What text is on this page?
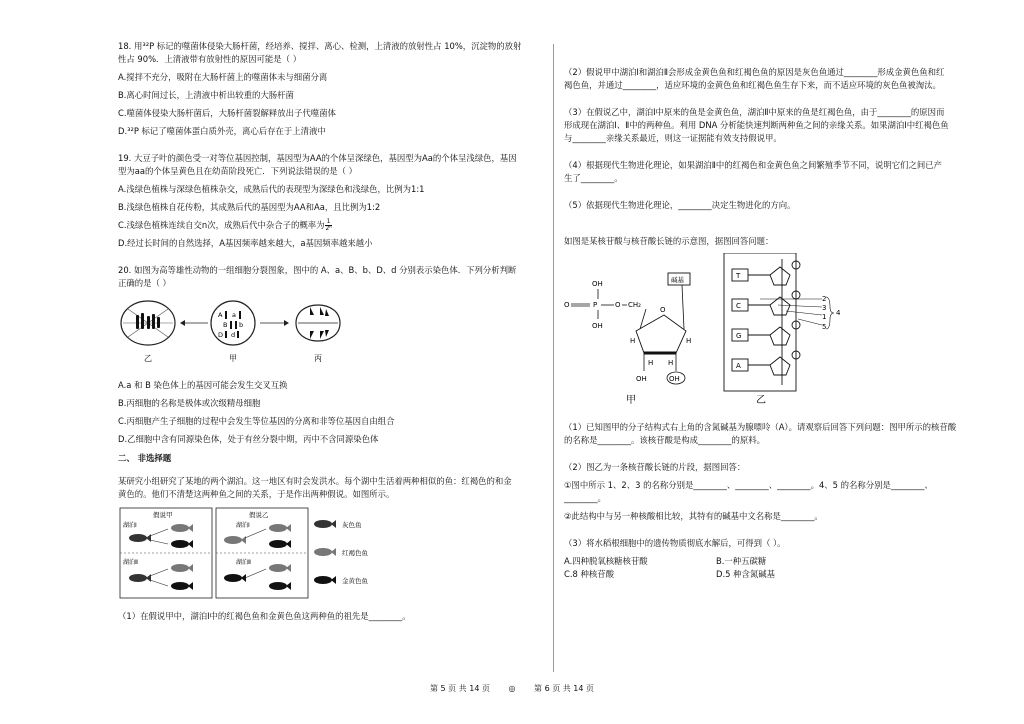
18. 用³²P 标记的噬菌体侵染大肠杆菌，经培养、搅拌、离心、检测，上清液的放射性占 10%，沉淀物的放射
性占 90%．上清液带有放射性的原因可能是（ ）
A.搅拌不充分，吸附在大肠杆菌上的噬菌体未与细菌分离
B.离心时间过长，上清液中析出较重的大肠杆菌
C.噬菌体侵染大肠杆菌后，大肠杆菌裂解释放出子代噬菌体
D.³²P 标记了噬菌体蛋白质外壳，离心后存在于上清液中
19. 大豆子叶的颜色受一对等位基因控制，基因型为AA的个体呈深绿色，基因型为Aa的个体呈浅绿色，基因
型为aa的个体呈黄色且在幼苗阶段死亡．下列说法错误的是（ ）
A.浅绿色植株与深绿色植株杂交，成熟后代的表现型为深绿色和浅绿色，比例为1:1
B.浅绿色植株自花传粉，其成熟后代的基因型为AA和Aa，且比例为1:2
C.浅绿色植株连续自交n次，成熟后代中杂合子的概率为 $\frac{1}{\text{2ⁿ}}$
D.经过长时间的自然选择，A基因频率越来越大，a基因频率越来越小
20. 如图为高等雄性动物的一组细胞分裂图象，图中的 A、a、B、b、D、d 分别表示染色体．下列分析判断
正确的是（ ）
A a
B b
D d
乙	甲	丙
A.a 和 B 染色体上的基因可能会发生交叉互换
B.丙细胞的名称是极体或次级精母细胞
C.丙细胞产生子细胞的过程中会发生等位基因的分离和非等位基因自由组合
D.乙细胞中含有同源染色体，处于有丝分裂中期，丙中不含同源染色体
二、 非选择题
某研究小组研究了某地的两个湖泊。这一地区有时会发洪水。每个湖中生活着两种相似的鱼：红褐色的和金
黄色的。他们不清楚这两种鱼之间的关系，于是作出两种假说。如图所示。
假说甲	假说乙
湖泊Ⅰ
湖泊Ⅱ
湖泊Ⅰ
湖泊Ⅱ
灰色鱼
红褐色鱼
金黄色鱼
（1）在假说甲中，湖泊Ⅰ中的红褐色鱼和金黄色鱼这两种鱼的祖先是________。
（2）假说甲中湖泊Ⅰ和湖泊Ⅱ会形成金黄色鱼和红褐色鱼的原因是灰色鱼通过________形成金黄色鱼和红
褐色鱼，并通过________，适应环境的金黄色鱼和红褐色鱼生存下来，而不适应环境的灰色鱼被淘汰。
（3）在假说乙中，湖泊Ⅰ中原来的鱼是金黄色鱼，湖泊Ⅱ中原来的鱼是红褐色鱼，由于________的原因而
形成现在湖泊Ⅰ、Ⅱ中的两种鱼。利用 DNA 分析能快速判断两种鱼之间的亲缘关系。如果湖泊Ⅰ中红褐色鱼
与________亲缘关系最近，则这一证据能有效支持假说甲。
（4）根据现代生物进化理论，如果湖泊Ⅱ中的红褐色和金黄色鱼之间繁殖季节不同，说明它们之间已产
生了________。
（5）依据现代生物进化理论，________决定生物进化的方向。
如图是某核苷酸与核苷酸长链的示意图，据图回答问题：
OH
O	P	O CH₂
OH
O
碱基
H	H
H H
OH	OH
甲
T
C
G
A
2
3
1
5
4
乙
（1）已知图甲的分子结构式右上角的含氮碱基为腺嘌呤（A）。请观察后回答下列问题：图甲所示的核苷酸
的名称是________。该核苷酸是构成________的原料。
（2）图乙为一条核苷酸长链的片段，据图回答：
①图中所示 1、2、3 的名称分别是________、________、________。4、5 的名称分别是________、
________。
②此结构中与另一种核酸相比较，其特有的碱基中文名称是________。
（3）将水稻根细胞中的遗传物质彻底水解后，可得到（ ）。
A.四种脱氧核糖核苷酸	B.一种五碳糖
C.8 种核苷酸	D.5 种含氮碱基
第 5 页 共 14 页 ◎ 第 6 页 共 14 页
